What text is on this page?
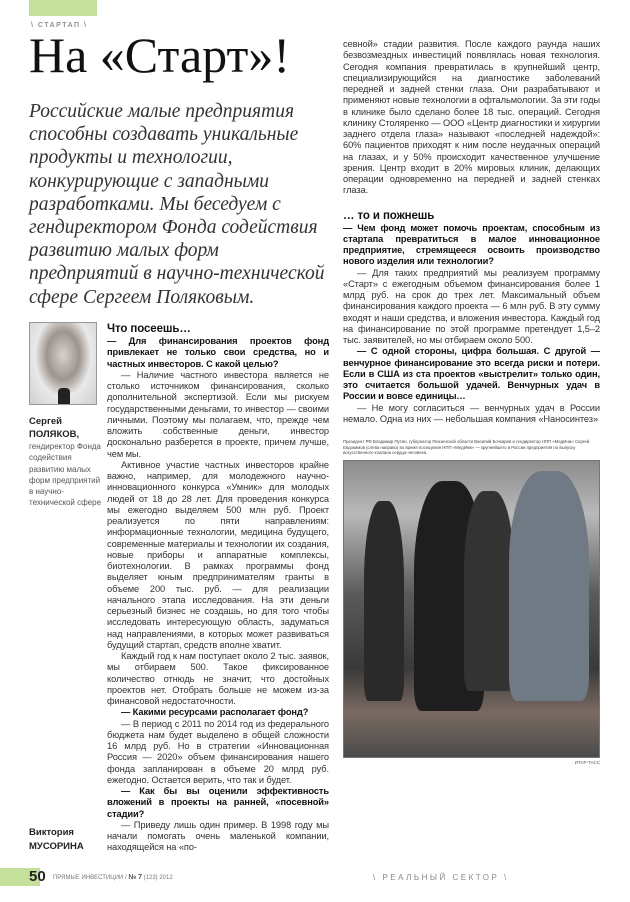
\ СТАРТАП \
На «Старт»!

Российские малые предприятия способны создавать уникальные продукты и технологии, конкурирующие с западными разработками. Мы беседуем с гендиректором Фонда содействия развитию малых форм предприятий в научно-технической сфере Сергеем Поляковым.

Сергей
ПОЛЯКОВ,
гендиректор Фонда содействия развитию малых форм предприятий в научно-технической сфере
Виктория
МУСОРИНА
Что посеешь…

— Для финансирования проектов фонд привлекает не только свои средства, но и частных инвесторов. С какой целью?

— Наличие частного инвестора является не столько источником финансирования, сколько дополнительной экспертизой. Если мы рискуем государственными деньгами, то инвестор — своими личными. Поэтому мы полагаем, что, прежде чем вложить собственные деньги, инвестор досконально разберется в проекте, причем лучше, чем мы.

Активное участие частных инвесторов крайне важно, например, для молодежного научно-инновационного конкурса «Умник» для молодых людей от 18 до 28 лет. Для проведения конкурса мы ежегодно выделяем 500 млн руб. Проект реализуется по пяти направлениям: информационные технологии, медицина будущего, современные материалы и технологии их создания, новые приборы и аппаратные комплексы, биотехнологии. В рамках программы фонд выделяет юным предпринимателям гранты в объеме 200 тыс. руб. — для реализации начального этапа исследования. На эти деньги серьезный бизнес не создашь, но для того чтобы исследовать интересующую область, задуматься над направлениями, в которых может развиваться будущий стартап, средств вполне хватит.

Каждый год к нам поступает около 2 тыс. заявок, мы отбираем 500. Такое фиксированное количество отнюдь не значит, что достойных проектов нет. Отобрать больше не можем из-за финансовой недостаточности.

— Какими ресурсами располагает фонд?

— В период с 2011 по 2014 год из федерального бюджета нам будет выделено в общей сложности 16 млрд руб. Но в стратегии «Инновационная Россия — 2020» объем финансирования нашего фонда запланирован в объеме 20 млрд руб. ежегодно. Остается верить, что так и будет.

— Как бы вы оценили эффективность вложений в проекты на ранней, «посевной» стадии?

— Приведу лишь один пример. В 1998 году мы начали помогать очень маленькой компании, находящейся на «по-

севной» стадии развития. После каждого раунда наших безвозмездных инвестиций появлялась новая технология. Сегодня компания превратилась в крупнейший центр, специализирующийся на диагностике заболеваний передней и задней стенки глаза. Они разрабатывают и применяют новые технологии в офтальмологии. За эти годы в клинике было сделано более 18 тыс. операций. Сегодня клинику Столяренко — ООО «Центр диагностики и хирургии заднего отдела глаза» называют «последней надеждой»: 60% пациентов приходят к ним после неудачных операций на глазах, и у 50% происходит качественное улучшение зрения. Центр входит в 20% мировых клиник, делающих операции одновременно на передней и задней стенках глаза.

… то и пожнешь

— Чем фонд может помочь проектам, способным из стартапа превратиться в малое инновационное предприятие, стремящееся освоить производство нового изделия или технологии?

— Для таких предприятий мы реализуем программу «Старт» с ежегодным объемом финансирования более 1 млрд руб. на срок до трех лет. Максимальный объем финансирования каждого проекта — 6 млн руб. В эту сумму входят и наши средства, и вложения инвестора. Каждый год на финансирование по этой программе претендует 1,5–2 тыс. заявителей, но мы отбираем около 500.

— С одной стороны, цифра большая. С другой — венчурное финансирование это всегда риски и потери. Если в США из ста проектов «выстрелит» только один, это считается большой удачей. Венчурных удач в России и вовсе единицы…

— Не могу согласиться — венчурных удач в России немало. Одна из них — небольшая компания «Наносинтез»

Президент РФ Владимир Путин, губернатор Пензенской области Василий Бочкарев и гендиректор НПП «МедИнж» Сергей Евдокимов (слева направо) во время посещения НПП «МедИнж» — крупнейшего в России предприятия по выпуску искусственного клапана сердца человека.

ИТАР-ТАСС
50 ПРЯМЫЕ ИНВЕСТИЦИИ / № 7 (123) 2012	\ РЕАЛЬНЫЙ СЕКТОР \
